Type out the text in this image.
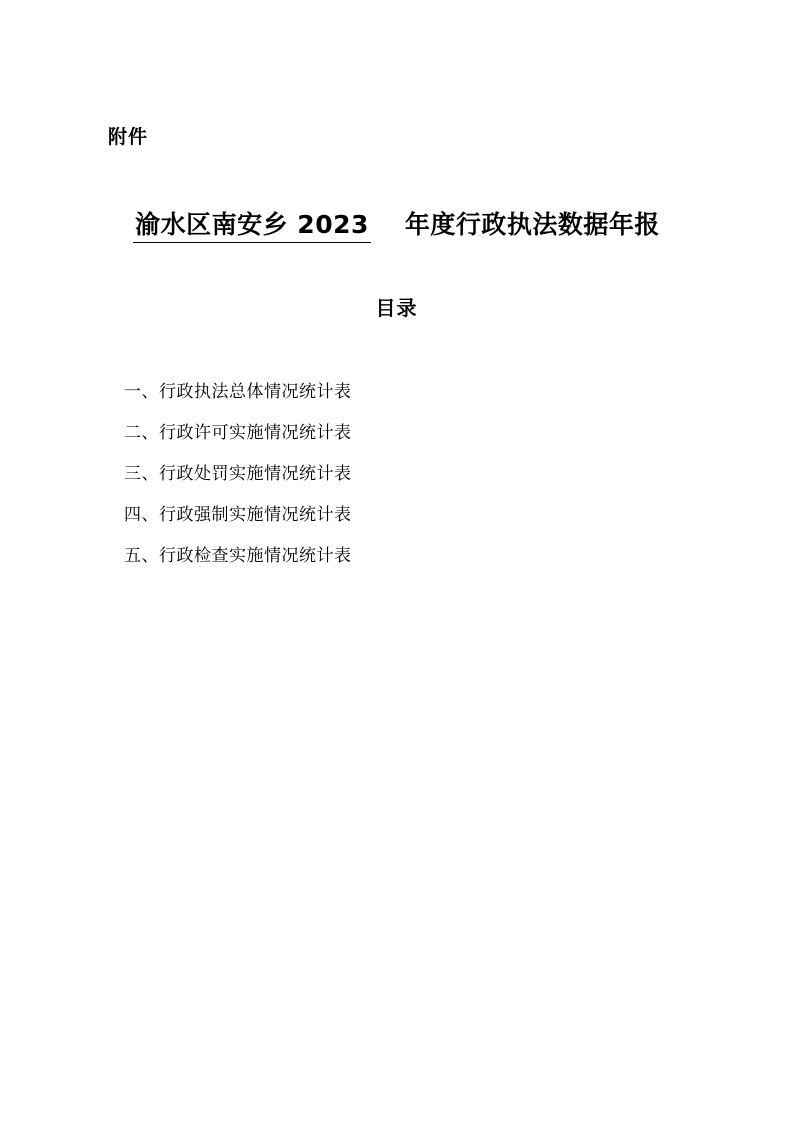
附件
渝水区南安乡 2023 年度行政执法数据年报
目录
一、行政执法总体情况统计表
二、行政许可实施情况统计表
三、行政处罚实施情况统计表
四、行政强制实施情况统计表
五、行政检查实施情况统计表
